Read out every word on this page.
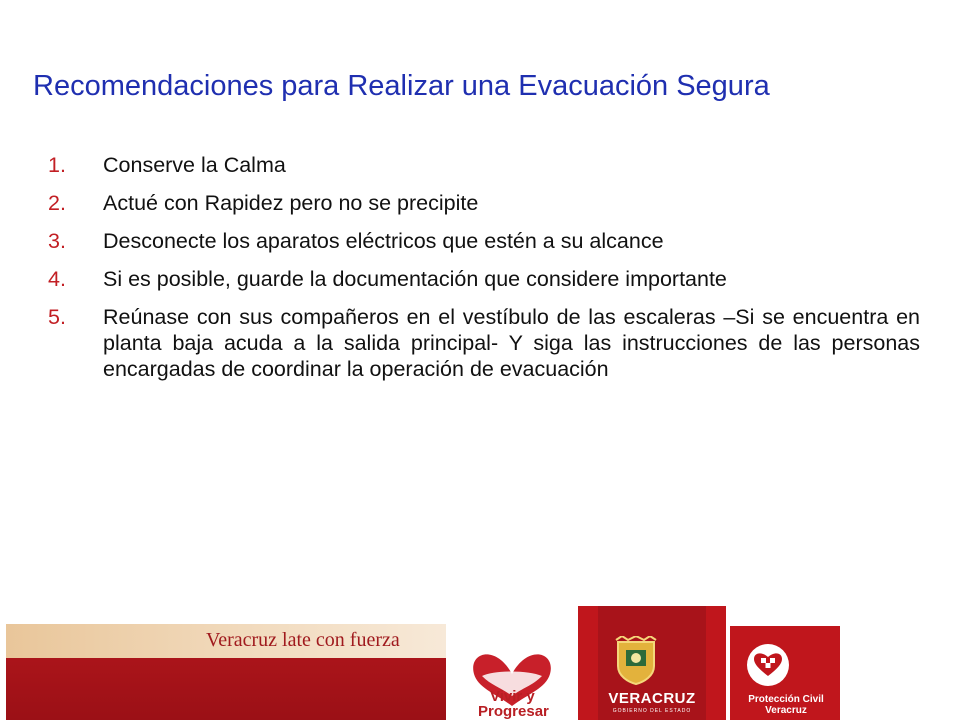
Recomendaciones para Realizar una Evacuación Segura
1.	Conserve la Calma
2.	Actué con Rapidez pero no se precipite
3.	Desconecte los aparatos eléctricos que estén a su alcance
4.	Si es posible, guarde la documentación que considere importante
5.	Reúnase con sus compañeros en el vestíbulo de las escaleras –Si se encuentra en planta baja acuda a la salida principal- Y siga las instrucciones de las personas encargadas de coordinar la operación de evacuación
Veracruz late con fuerza
Vivir y
Progresar
VERACRUZ
GOBIERNO DEL ESTADO
Protección Civil
Veracruz
